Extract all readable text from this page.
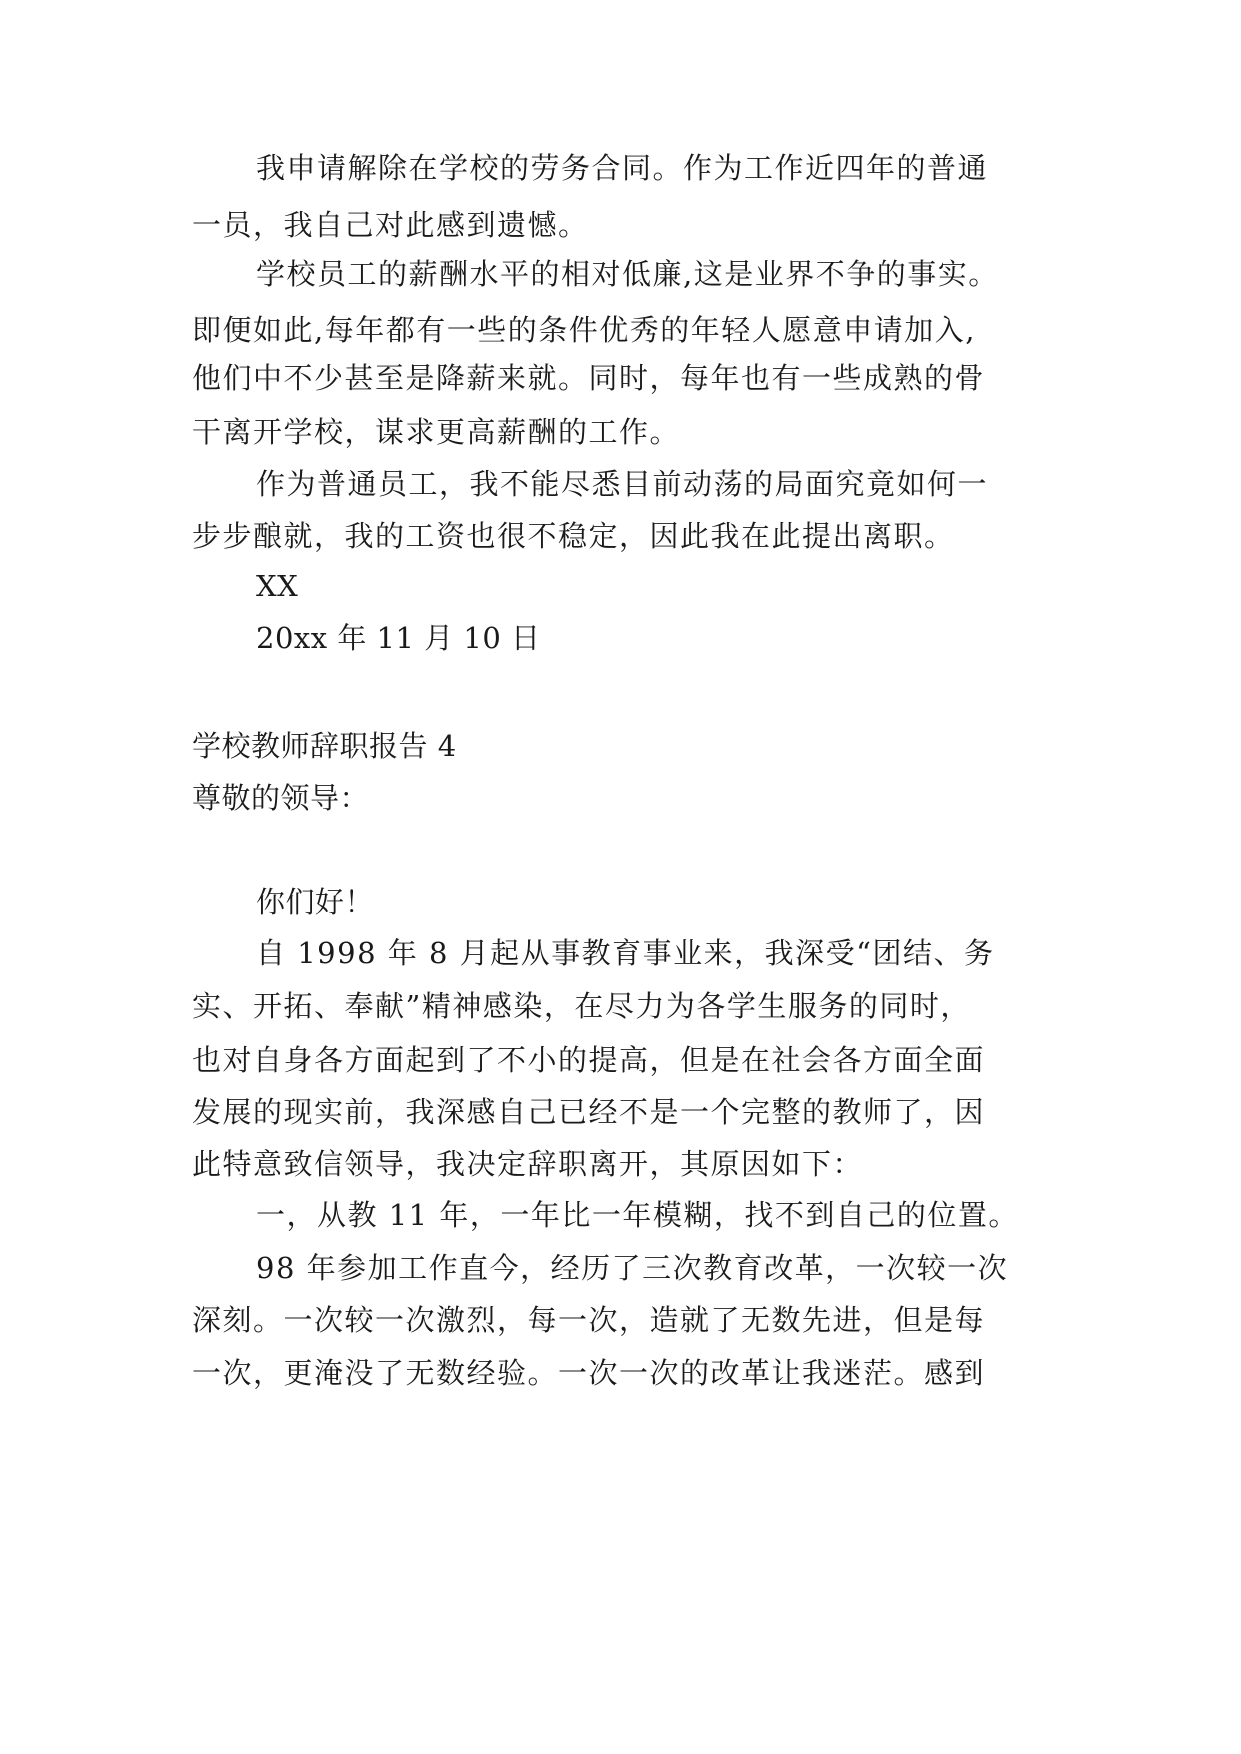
我申请解除在学校的劳务合同。作为工作近四年的普通
一员，我自己对此感到遗憾。
学校员工的薪酬水平的相对低廉,这是业界不争的事实。
即便如此,每年都有一些的条件优秀的年轻人愿意申请加入,
他们中不少甚至是降薪来就。同时，每年也有一些成熟的骨
干离开学校，谋求更高薪酬的工作。
作为普通员工，我不能尽悉目前动荡的局面究竟如何一
步步酿就，我的工资也很不稳定，因此我在此提出离职。
XX
20xx 年 11 月 10 日
学校教师辞职报告 4
尊敬的领导：
你们好！
自 1998 年 8 月起从事教育事业来，我深受“团结、务
实、开拓、奉献”精神感染，在尽力为各学生服务的同时，
也对自身各方面起到了不小的提高，但是在社会各方面全面
发展的现实前，我深感自己已经不是一个完整的教师了，因
此特意致信领导，我决定辞职离开，其原因如下：
一，从教 11 年，一年比一年模糊，找不到自己的位置。
98 年参加工作直今，经历了三次教育改革，一次较一次
深刻。一次较一次激烈，每一次，造就了无数先进，但是每
一次，更淹没了无数经验。一次一次的改革让我迷茫。感到
